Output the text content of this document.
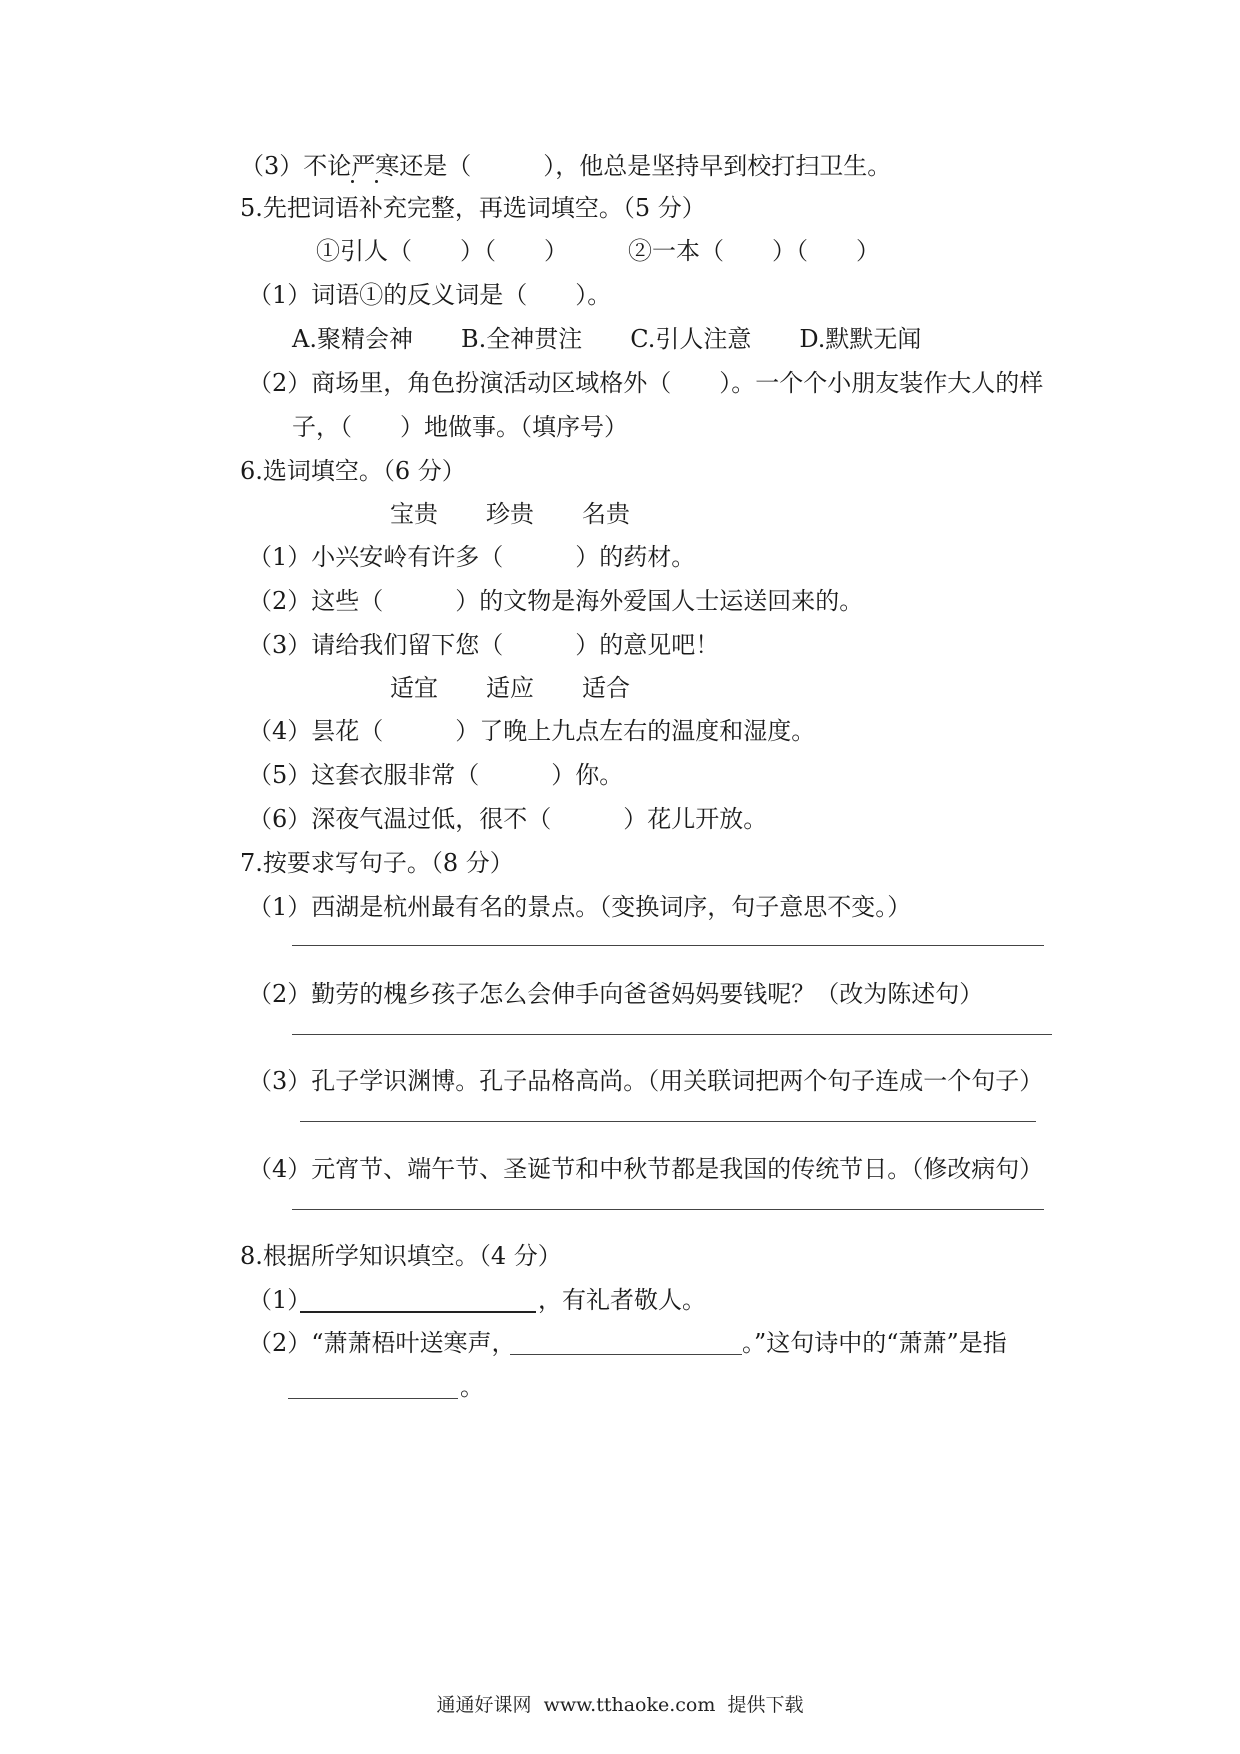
（3）不论严寒还是（　　　），他总是坚持早到校打扫卫生。
5.先把词语补充完整，再选词填空。（5 分）
①引人（　　）（　　）　　　②一本（　　）（　　）
（1）词语①的反义词是（　　）。
A.聚精会神　　B.全神贯注　　C.引人注意　　D.默默无闻
（2）商场里，角色扮演活动区域格外（　　）。一个个小朋友装作大人的样
子，（　　）地做事。（填序号）
6.选词填空。（6 分）
宝贵　　珍贵　　名贵
（1）小兴安岭有许多（　　　）的药材。
（2）这些（　　　）的文物是海外爱国人士运送回来的。
（3）请给我们留下您（　　　）的意见吧！
适宜　　适应　　适合
（4）昙花（　　　）了晚上九点左右的温度和湿度。
（5）这套衣服非常（　　　）你。
（6）深夜气温过低，很不（　　　）花儿开放。
7.按要求写句子。（8 分）
（1）西湖是杭州最有名的景点。（变换词序，句子意思不变。）
（2）勤劳的槐乡孩子怎么会伸手向爸爸妈妈要钱呢？（改为陈述句）
（3）孔子学识渊博。孔子品格高尚。（用关联词把两个句子连成一个句子）
（4）元宵节、端午节、圣诞节和中秋节都是我国的传统节日。（修改病句）
8.根据所学知识填空。（4 分）
（1）	，有礼者敬人。
（2）“萧萧梧叶送寒声，	。”这句诗中的“萧萧”是指
。
通通好课网  www.tthaoke.com  提供下载
